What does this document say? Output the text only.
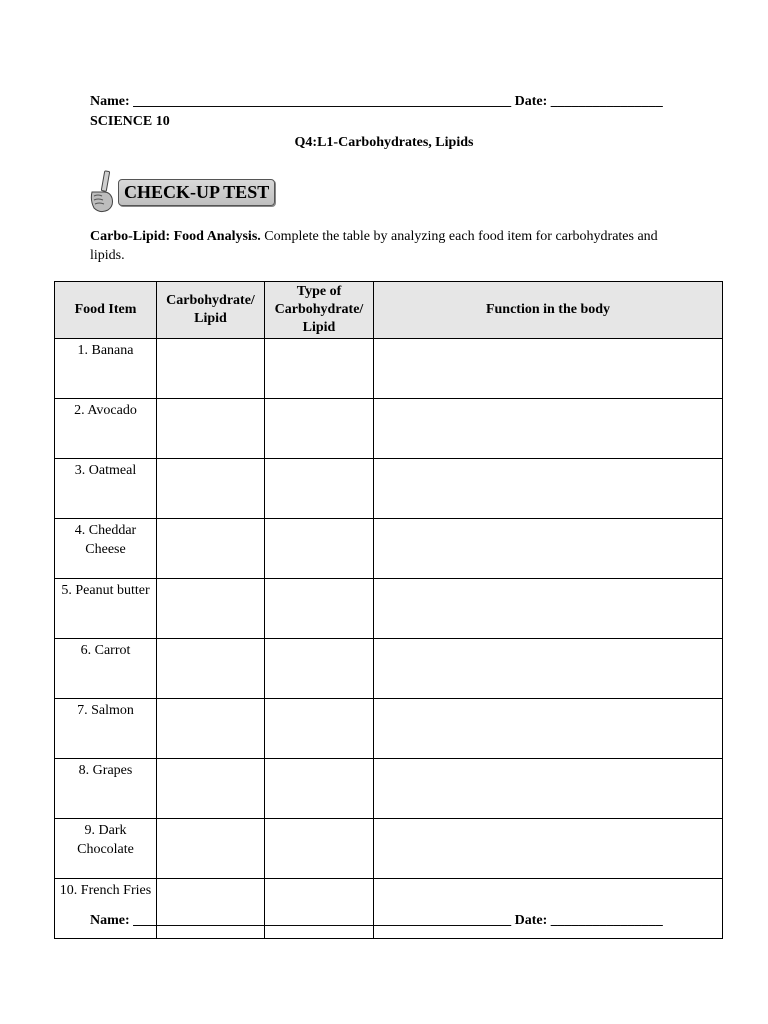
Name: ______________________________________________________ Date: ________________
SCIENCE 10
Q4:L1-Carbohydrates, Lipids
CHECK-UP TEST
Carbo-Lipid: Food Analysis. Complete the table by analyzing each food item for carbohydrates and lipids.
Food Item	Carbohydrate/ Lipid	Type of Carbohydrate/ Lipid	Function in the body
1. Banana			
2. Avocado			
3. Oatmeal			
4. Cheddar Cheese			
5. Peanut butter			
6. Carrot			
7. Salmon			
8. Grapes			
9. Dark Chocolate			
10. French Fries			
Name: ______________________________________________________ Date: ________________
